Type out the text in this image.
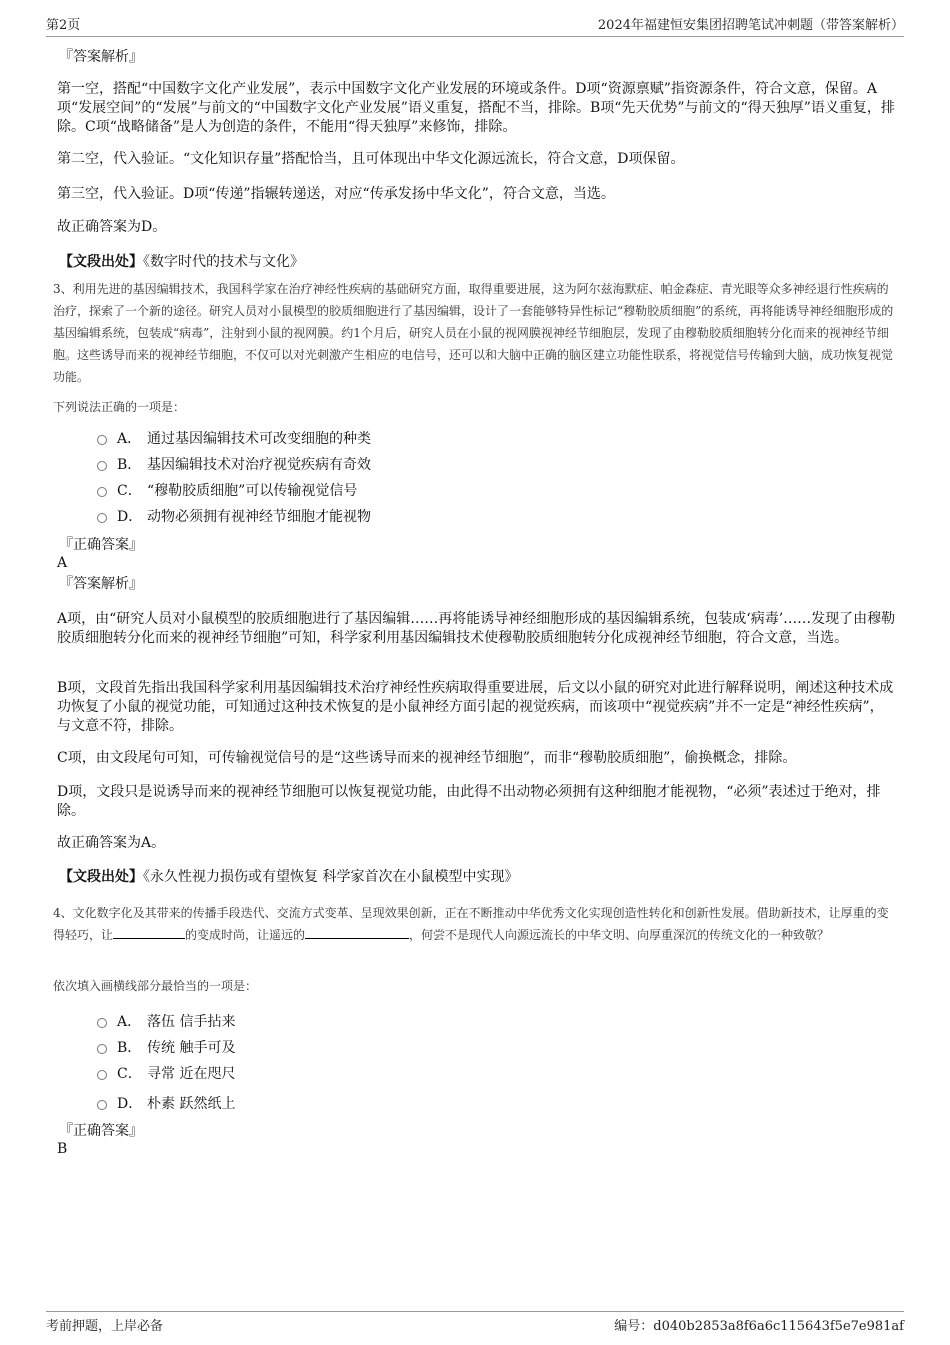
第2页	2024年福建恒安集团招聘笔试冲刺题（带答案解析）
『答案解析』

第一空，搭配“中国数字文化产业发展”，表示中国数字文化产业发展的环境或条件。D项“资源禀赋”指资源条件，符合文意，保留。A项“发展空间”的“发展”与前文的“中国数字文化产业发展”语义重复，搭配不当，排除。B项“先天优势”与前文的“得天独厚”语义重复，排除。C项“战略储备”是人为创造的条件，不能用“得天独厚”来修饰，排除。

第二空，代入验证。“文化知识存量”搭配恰当，且可体现出中华文化源远流长，符合文意，D项保留。

第三空，代入验证。D项“传递”指辗转递送，对应“传承发扬中华文化”，符合文意，当选。

故正确答案为D。

【文段出处】《数字时代的技术与文化》

3、利用先进的基因编辑技术，我国科学家在治疗神经性疾病的基础研究方面，取得重要进展，这为阿尔兹海默症、帕金森症、青光眼等众多神经退行性疾病的治疗，探索了一个新的途径。研究人员对小鼠模型的胶质细胞进行了基因编辑，设计了一套能够特异性标记“穆勒胶质细胞”的系统，再将能诱导神经细胞形成的基因编辑系统，包装成“病毒”，注射到小鼠的视网膜。约1个月后，研究人员在小鼠的视网膜视神经节细胞层，发现了由穆勒胶质细胞转分化而来的视神经节细胞。这些诱导而来的视神经节细胞，不仅可以对光刺激产生相应的电信号，还可以和大脑中正确的脑区建立功能性联系，将视觉信号传输到大脑，成功恢复视觉功能。

下列说法正确的一项是：

A． 通过基因编辑技术可改变细胞的种类
B． 基因编辑技术对治疗视觉疾病有奇效
C． “穆勒胶质细胞”可以传输视觉信号
D． 动物必须拥有视神经节细胞才能视物
『正确答案』
A
『答案解析』

A项，由“研究人员对小鼠模型的胶质细胞进行了基因编辑……再将能诱导神经细胞形成的基因编辑系统，包装成‘病毒’……发现了由穆勒胶质细胞转分化而来的视神经节细胞”可知，科学家利用基因编辑技术使穆勒胶质细胞转分化成视神经节细胞，符合文意，当选。

B项，文段首先指出我国科学家利用基因编辑技术治疗神经性疾病取得重要进展，后文以小鼠的研究对此进行解释说明，阐述这种技术成功恢复了小鼠的视觉功能，可知通过这种技术恢复的是小鼠神经方面引起的视觉疾病，而该项中“视觉疾病”并不一定是“神经性疾病”，与文意不符，排除。

C项，由文段尾句可知，可传输视觉信号的是“这些诱导而来的视神经节细胞”，而非“穆勒胶质细胞”，偷换概念，排除。

D项，文段只是说诱导而来的视神经节细胞可以恢复视觉功能，由此得不出动物必须拥有这种细胞才能视物，“必须”表述过于绝对，排除。

故正确答案为A。

【文段出处】《永久性视力损伤或有望恢复 科学家首次在小鼠模型中实现》

4、文化数字化及其带来的传播手段迭代、交流方式变革、呈现效果创新，正在不断推动中华优秀文化实现创造性转化和创新性发展。借助新技术，让厚重的变得轻巧，让	的变成时尚，让遥远的	，何尝不是现代人向源远流长的中华文明、向厚重深沉的传统文化的一种致敬？

依次填入画横线部分最恰当的一项是：

A． 落伍 信手拈来
B． 传统 触手可及
C． 寻常 近在咫尺
D． 朴素 跃然纸上
『正确答案』
B
考前押题，上岸必备	编号：d040b2853a8f6a6c115643f5e7e981af
